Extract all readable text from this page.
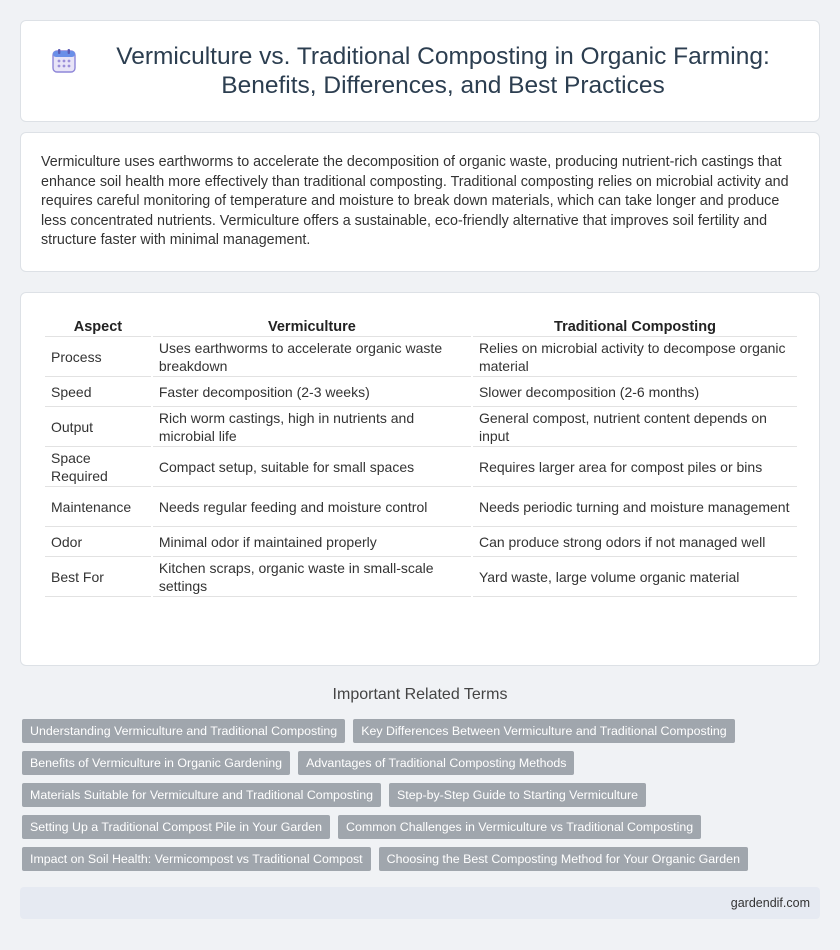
Vermiculture vs. Traditional Composting in Organic Farming: Benefits, Differences, and Best Practices

Vermiculture uses earthworms to accelerate the decomposition of organic waste, producing nutrient-rich castings that enhance soil health more effectively than traditional composting. Traditional composting relies on microbial activity and requires careful monitoring of temperature and moisture to break down materials, which can take longer and produce less concentrated nutrients. Vermiculture offers a sustainable, eco-friendly alternative that improves soil fertility and structure faster with minimal management.

Aspect	Vermiculture	Traditional Composting
Process	Uses earthworms to accelerate organic waste breakdown	Relies on microbial activity to decompose organic material
Speed	Faster decomposition (2-3 weeks)	Slower decomposition (2-6 months)
Output	Rich worm castings, high in nutrients and microbial life	General compost, nutrient content depends on input
Space Required	Compact setup, suitable for small spaces	Requires larger area for compost piles or bins
Maintenance	Needs regular feeding and moisture control	Needs periodic turning and moisture management
Odor	Minimal odor if maintained properly	Can produce strong odors if not managed well
Best For	Kitchen scraps, organic waste in small-scale settings	Yard waste, large volume organic material
Important Related Terms
Understanding Vermiculture and Traditional Composting	Key Differences Between Vermiculture and Traditional Composting
Benefits of Vermiculture in Organic Gardening	Advantages of Traditional Composting Methods
Materials Suitable for Vermiculture and Traditional Composting	Step-by-Step Guide to Starting Vermiculture
Setting Up a Traditional Compost Pile in Your Garden	Common Challenges in Vermiculture vs Traditional Composting
Impact on Soil Health: Vermicompost vs Traditional Compost	Choosing the Best Composting Method for Your Organic Garden
gardendif.com
